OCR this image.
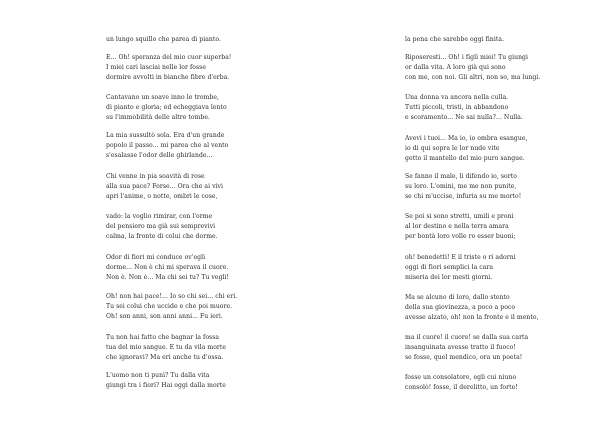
un lungo squillo che parea di pianto.
E... Oh! speranza del mio cuor superba!
I miei cari lasciai nelle lor fosse
dormire avvolti in bianche fibre d'erba.
Cantavano un soave inno le trombe,
di pianto e gloria; ed echeggiava lento
su l'immobilità delle altre tombe.
La mia sussultò sola. Era d'un grande
popolo il passo... mi parea che al vento
s'esalasse l'odor delle ghirlande...
Chi venne in pia soavità di rose
alla sua pace? Forse... Ora che ai vivi
apri l'anime, o notte, ombri le cose,
vado: la voglio rimirar, con l'orme
del pensiero ma già sui semprevivi
calma, la fronte di colui che dorme.
Odor di fiori mi conduce ov'egli
dorme... Non è chi mi sperava il cuore.
Non è. Non è... Ma chi sei tu? Tu vegli!
Oh! non hai pace!... Io so chi sei... chi eri.
Tu sei colui che uccide e che poi muore.
Oh! son anni, son anni anni... Fu ieri.
Tu non hai fatto che bagnar la fossa
tua del mio sangue. E tu da vila morte
che ignoravi? Ma eri anche tu d'ossa.
L'uomo non ti punì? Tu dalla vita
giungi tra i fiori? Hai oggi dalla morte
la pena che sarebbe oggi finita.
Riposeresti... Oh! i figli miei! Tu giungi
or dalla vita. A loro già qui sono
con me, con noi. Gli altri, non so, ma lungi.
Una donna va ancora nella culla.
Tutti piccoli, tristi, in abbandono
e scoramento... Ne sai nulla?... Nulla.
Avevi i tuoi... Ma io, io ombra esangue,
io di qui sopra le lor nude vite
getto il mantello del mio puro sangue.
Se fanno il male, li difendo io, sorto
su loro. L'omini, me me non punite,
se chi m'uccise, infuria su me morto!
Se poi si sono stretti, umili e proni
al lor destino e nella terra amara
per bontà loro volle ro esser buoni;
oh! benedetti! E il triste o ri adorni
oggi di fiori semplici la cara
miseria dei lor mesti giorni.
Ma se alcuno di loro, dallo stento
della sua giovinezza, a poco a poco
avesse alzato, oh! non la fronte e il mento,
ma il cuore! il cuore! se dalla sua carta
insanguinata avesse tratto il fuoco!
se fosse, quel mendico, ora un poeta!
fosse un consolatore, egli cui niuno
consolò! fosse, il derelitto, un forte!
